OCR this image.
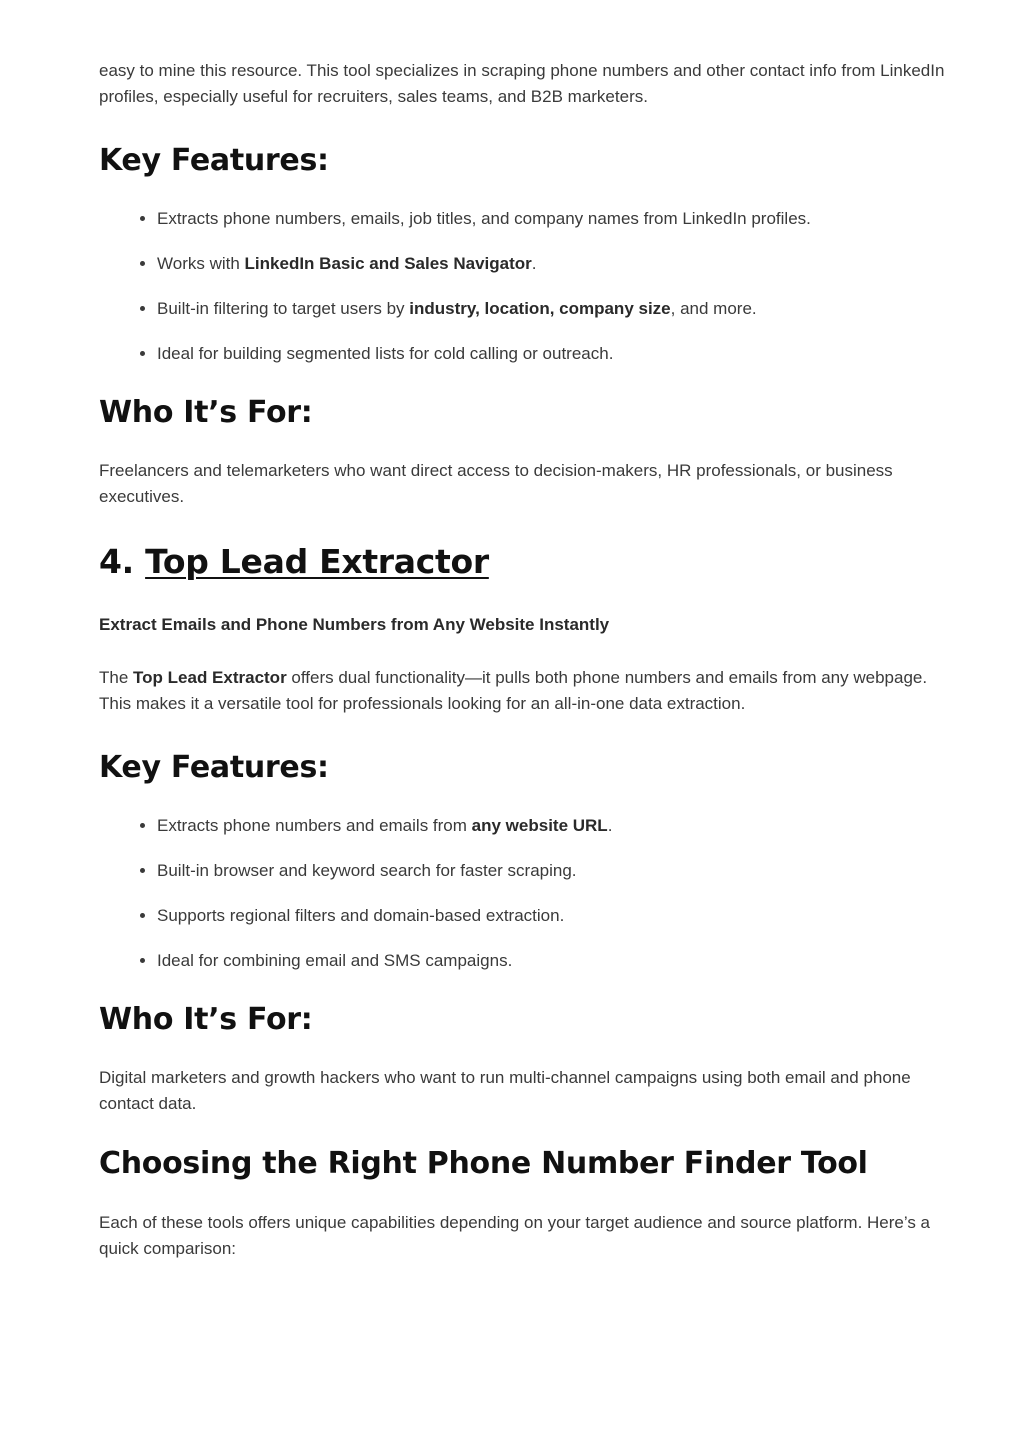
easy to mine this resource. This tool specializes in scraping phone numbers and other contact info from LinkedIn profiles, especially useful for recruiters, sales teams, and B2B marketers.

Key Features:
• Extracts phone numbers, emails, job titles, and company names from LinkedIn profiles.
• Works with LinkedIn Basic and Sales Navigator.
• Built-in filtering to target users by industry, location, company size, and more.
• Ideal for building segmented lists for cold calling or outreach.
Who It’s For:

Freelancers and telemarketers who want direct access to decision-makers, HR professionals, or business executives.

4. Top Lead Extractor

Extract Emails and Phone Numbers from Any Website Instantly

The Top Lead Extractor offers dual functionality—it pulls both phone numbers and emails from any webpage. This makes it a versatile tool for professionals looking for an all-in-one data extraction.

Key Features:
• Extracts phone numbers and emails from any website URL.
• Built-in browser and keyword search for faster scraping.
• Supports regional filters and domain-based extraction.
• Ideal for combining email and SMS campaigns.
Who It’s For:

Digital marketers and growth hackers who want to run multi-channel campaigns using both email and phone contact data.

Choosing the Right Phone Number Finder Tool

Each of these tools offers unique capabilities depending on your target audience and source platform. Here’s a quick comparison:
